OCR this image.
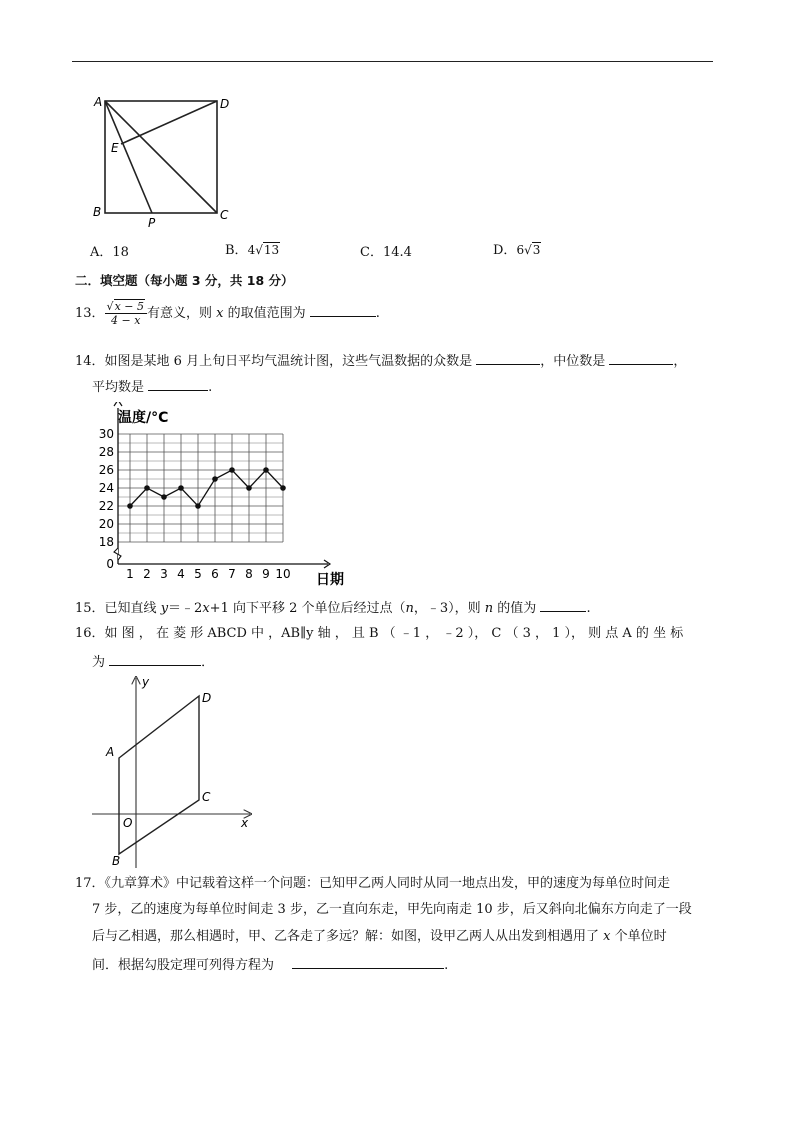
A	D
E
B
P
C
A．18	B．4√13	C．14.4	D．6√3
二．填空题（每小题 3 分，共 18 分）
13． $\frac{√x - 5}{4 - x}$ 有意义，则 x 的取值范围为	.
14．如图是某地 6 月上旬日平均气温统计图，这些气温数据的众数是	，中位数是	，
平均数是	.
1 2 3 4 5 6 7 8 9 10
0
18
20
22
24
26
28
30
温度/°C
日期
15．已知直线 y＝﹣2x+1 向下平移 2 个单位后经过点（n，﹣3），则 n 的值为	.
16．如 图 ， 在 菱 形 ABCD 中 ，AB∥y 轴 ， 且 B （ ﹣1 ， ﹣2 ）， C （ 3 ， 1 ）， 则 点 A 的 坐 标
为	．
y
D
A
C
O	x
B
17．《九章算术》中记载着这样一个问题：已知甲乙两人同时从同一地点出发，甲的速度为每单位时间走
7 步，乙的速度为每单位时间走 3 步，乙一直向东走，甲先向南走 10 步，后又斜向北偏东方向走了一段
后与乙相遇，那么相遇时，甲、乙各走了多远？解：如图，设甲乙两人从出发到相遇用了 x 个单位时
间．根据勾股定理可列得方程为	.
